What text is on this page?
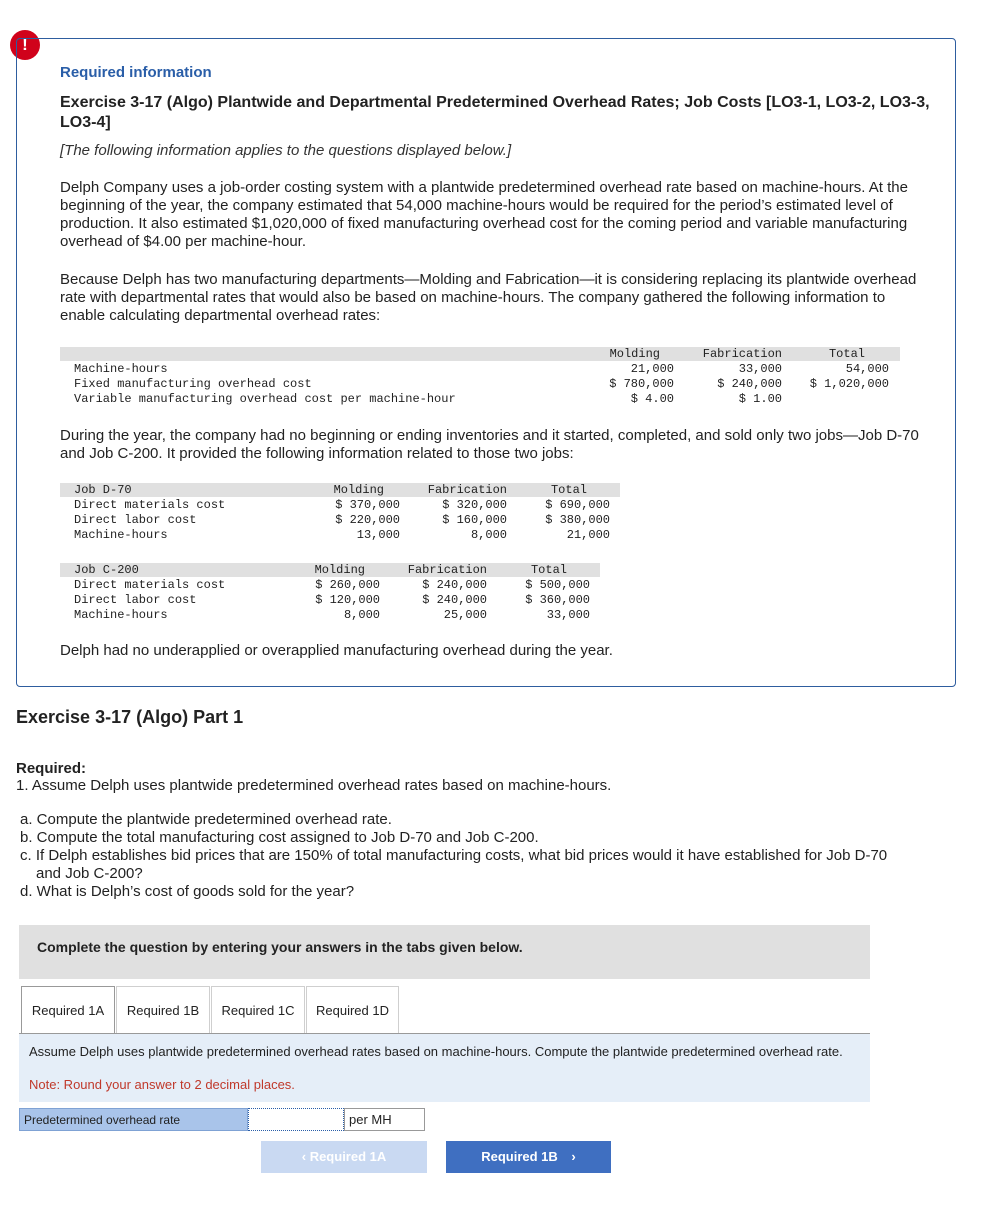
!
Required information
Exercise 3-17 (Algo) Plantwide and Departmental Predetermined Overhead Rates; Job Costs [LO3-1, LO3-2, LO3-3, LO3-4]
[The following information applies to the questions displayed below.]
Delph Company uses a job-order costing system with a plantwide predetermined overhead rate based on machine-hours. At the beginning of the year, the company estimated that 54,000 machine-hours would be required for the period’s estimated level of production. It also estimated $1,020,000 of fixed manufacturing overhead cost for the coming period and variable manufacturing overhead of $4.00 per machine-hour.
Because Delph has two manufacturing departments—Molding and Fabrication—it is considering replacing its plantwide overhead rate with departmental rates that would also be based on machine-hours. The company gathered the following information to enable calculating departmental overhead rates:
Molding	Fabrication	Total
Machine-hours	21,000	33,000	54,000
Fixed manufacturing overhead cost	$ 780,000	$ 240,000	$ 1,020,000
Variable manufacturing overhead cost per machine-hour	$ 4.00	$ 1.00
During the year, the company had no beginning or ending inventories and it started, completed, and sold only two jobs—Job D-70 and Job C-200. It provided the following information related to those two jobs:
Job D-70	Molding	Fabrication	Total
Direct materials cost	$ 370,000	$ 320,000	$ 690,000
Direct labor cost	$ 220,000	$ 160,000	$ 380,000
Machine-hours	13,000	8,000	21,000
Job C-200	Molding	Fabrication	Total
Direct materials cost	$ 260,000	$ 240,000	$ 500,000
Direct labor cost	$ 120,000	$ 240,000	$ 360,000
Machine-hours	8,000	25,000	33,000
Delph had no underapplied or overapplied manufacturing overhead during the year.
Exercise 3-17 (Algo) Part 1
Required:
1. Assume Delph uses plantwide predetermined overhead rates based on machine-hours.
a. Compute the plantwide predetermined overhead rate.
b. Compute the total manufacturing cost assigned to Job D-70 and Job C-200.
c. If Delph establishes bid prices that are 150% of total manufacturing costs, what bid prices would it have established for Job D-70
and Job C-200?
d. What is Delph’s cost of goods sold for the year?
Complete the question by entering your answers in the tabs given below.
Required 1A	Required 1B	Required 1C	Required 1D
Assume Delph uses plantwide predetermined overhead rates based on machine-hours. Compute the plantwide predetermined overhead rate.
Note: Round your answer to 2 decimal places.
Predetermined overhead rate	per MH
‹ Required 1A	Required 1B ›
